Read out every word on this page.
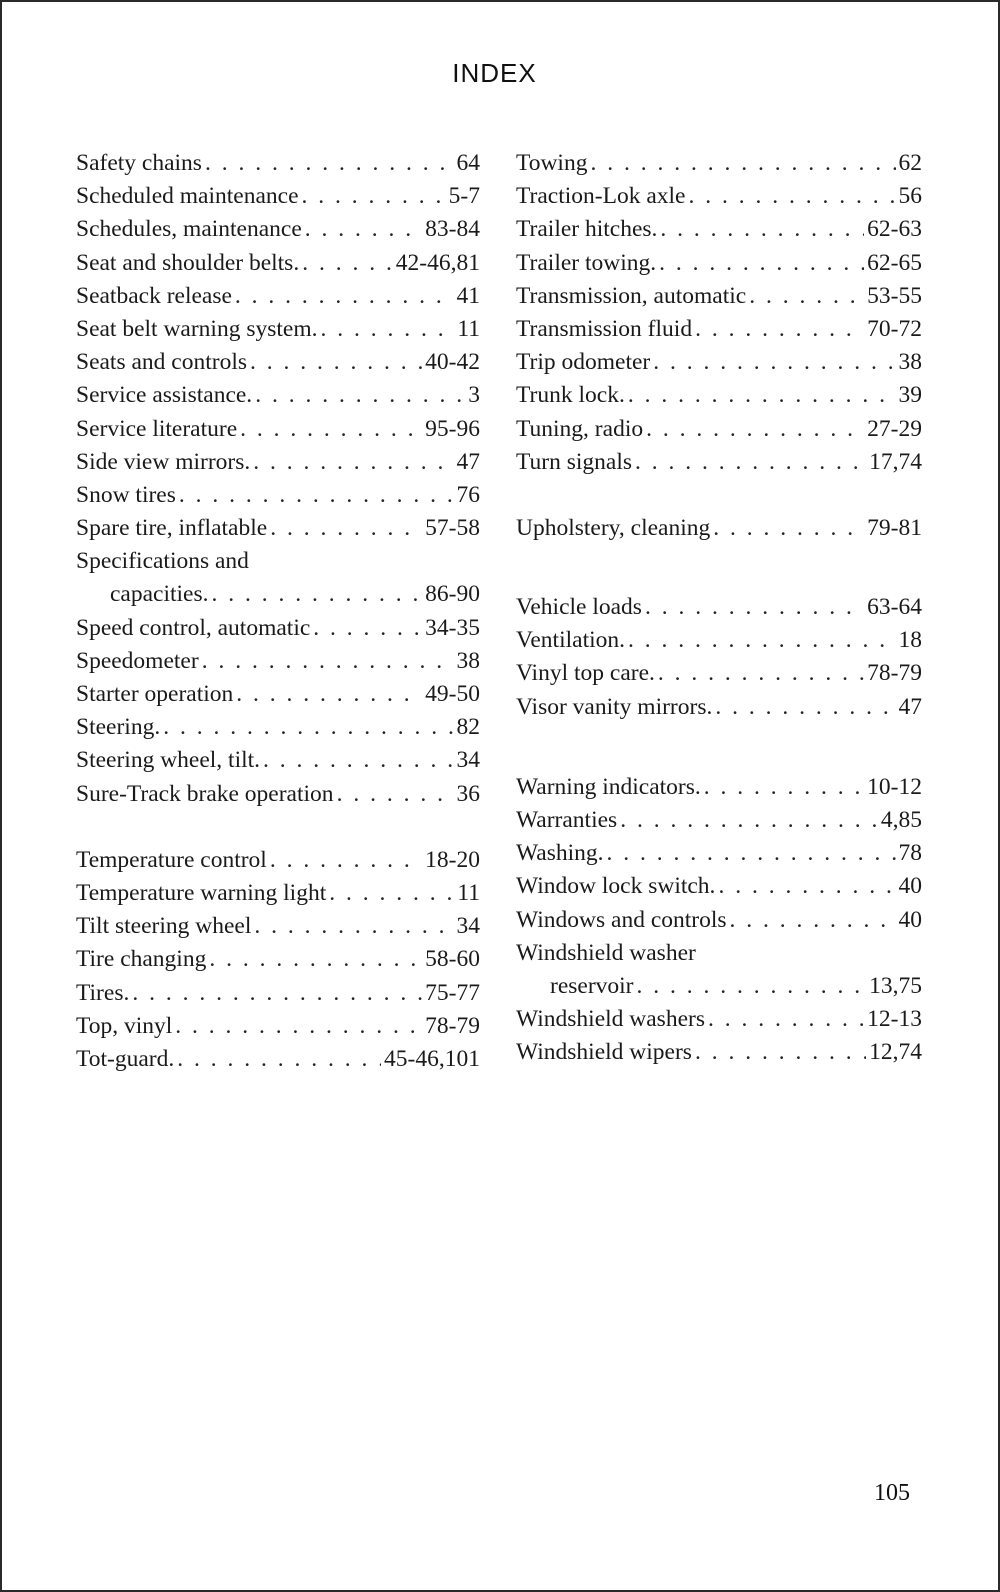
INDEX
Safety chains . . .	64
Scheduled maintenance . . .	5-7
Schedules, maintenance . . .	83-84
Seat and shoulder belts. . . .	42-46,81
Seatback release . . .	41
Seat belt warning system. . . .	11
Seats and controls . . .	40-42
Service assistance. . . .	3
Service literature . . .	95-96
Side view mirrors. . . .	47
Snow tires . . .	76
Spare tire, inflatable . . .	57-58
Specifications and
capacities. . . .	86-90
Speed control, automatic . . .	34-35
Speedometer . . .	38
Starter operation . . .	49-50
Steering. . . .	82
Steering wheel, tilt. . . .	34
Sure-Track brake operation . . .	36
Temperature control . . .	18-20
Temperature warning light . . .	11
Tilt steering wheel . . .	34
Tire changing . . .	58-60
Tires. . . .	75-77
Top, vinyl . . .	78-79
Tot-guard. . . .	45-46,101
Towing . . .	62
Traction-Lok axle . . .	56
Trailer hitches. . . .	62-63
Trailer towing. . . .	62-65
Transmission, automatic . . .	53-55
Transmission fluid . . .	70-72
Trip odometer . . .	38
Trunk lock. . . .	39
Tuning, radio . . .	27-29
Turn signals . . .	17,74
Upholstery, cleaning . . .	79-81
Vehicle loads . . .	63-64
Ventilation. . . .	18
Vinyl top care. . . .	78-79
Visor vanity mirrors. . . .	47
Warning indicators. . . .	10-12
Warranties . . .	4,85
Washing. . . .	78
Window lock switch. . . .	40
Windows and controls . . .	40
Windshield washer
reservoir . . .	13,75
Windshield washers . . .	12-13
Windshield wipers . . .	12,74
105
